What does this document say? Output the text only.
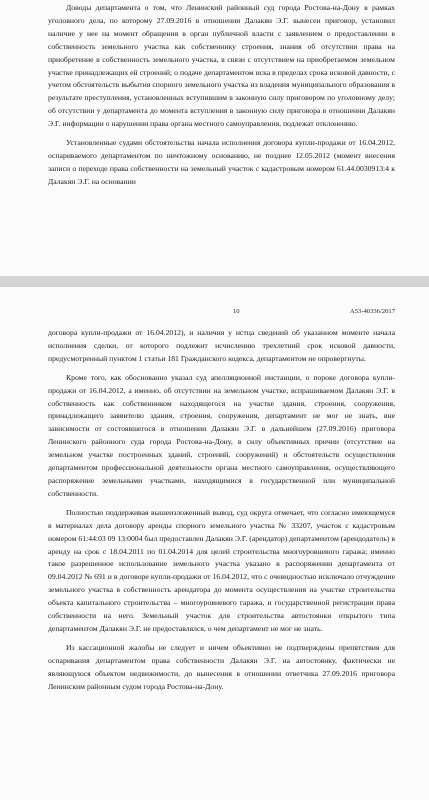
Доводы департамента о том, что Ленинский районный суд города Ростова-на-Дону в рамках уголовного дела, по которому 27.09.2016 в отношении Далакян Э.Г. вынесен приговор, установил наличие у нее на момент обращения в орган публичной власти с заявлением о предоставлении в собственность земельного участка как собственнику строения, знания об отсутствии права на приобретение в собственность земельного участка, в связи с отсутствием на приобретаемом земельном участке принадлежащих ей строений; о подаче департаментом иска в пределах срока исковой давности, с учетом обстоятельств выбытия спорного земельного участка из владения муниципального образования в результате преступления, установленных вступившим в законную силу приговором по уголовному делу; об отсутствии у департамента до момента вступления в законную силу приговора в отношении Далакян Э.Г. информации о нарушении права органа местного самоуправления, подлежат отклонению.

Установленные судами обстоятельства начала исполнения договора купли-продажи от 16.04.2012, оспариваемого департаментом по ничтожному основанию, не позднее 12.05.2012 (момент внесения записи о переходе права собственности на земельный участок с кадастровым номером 61.44.0030913:4 к Далакян Э.Г. на основании

10	А53-40336/2017

договора купли-продажи от 16.04.2012), и наличия у истца сведений об указанном моменте начала исполнения сделки, от которого подлежит исчислению трехлетний срок исковой давности, предусмотренный пунктом 1 статьи 181 Гражданского кодекса, департаментом не опровергнуты.

Кроме того, как обоснованно указал суд апелляционной инстанции, о пороке договора купли-продажи от 16.04.2012, а именно, об отсутствии на земельном участке, вспрашиваемом Далакян Э.Г. в собственность как собственником находящегося на участке здания, строения, сооружения, принадлежащего заявителю здания, строения, сооружения, департамент не мог не знать, вне зависимости от состоявшегося в отношении Далакян Э.Г. в дальнейшем (27.09.2016) приговора Ленинского районного суда города Ростова-на-Дону, в силу объективных причин (отсутствие на земельном участке построенных зданий, строений, сооружений) и обстоятельств осуществления департаментом профессиональной деятельности органа местного самоуправления, осуществляющего распоряжение земельными участками, находящимися в государственной или муниципальной собственности.

Полностью поддерживая вышеизложенный вывод, суд округа отмечает, что согласно имеющемуся в материалах дела договору аренды спорного земельного участка № 33207, участок с кадастровым номером 61:44:03 09 13:0004 был предоставлен Далакян Э.Г. (арендатор) департаментом (арендодатель) в аренду на срок с 18.04.2011 по 01.04.2014 для целей строительства многоуровневого гаража; именно такое разрешенное использование земельного участка указано в распоряжении департамента от 09.04.2012 № 691 и в договоре купли-продажи от 16.04.2012, что с очевидностью исключало отчуждение земельного участка в собственность арендатора до момента осуществления на участке строительства объекта капитального строительства – многоуровневого гаража, и государственной регистрации права собственности на него. Земельный участок для строительства автостоянки открытого типа департаментом Далакян Э.Г. не предоставлялся, о чем департамент не мог не знать.

Из кассационной жалобы не следует и ничем объективно не подтверждены препятствия для оспаривания департаментом права собственности Далакян Э.Г. на автостоянку, фактически не являющуюся объектом недвижимости, до вынесения в отношении ответчика 27.09.2016 приговора Ленинским районным судом города Ростова-на-Дону.
